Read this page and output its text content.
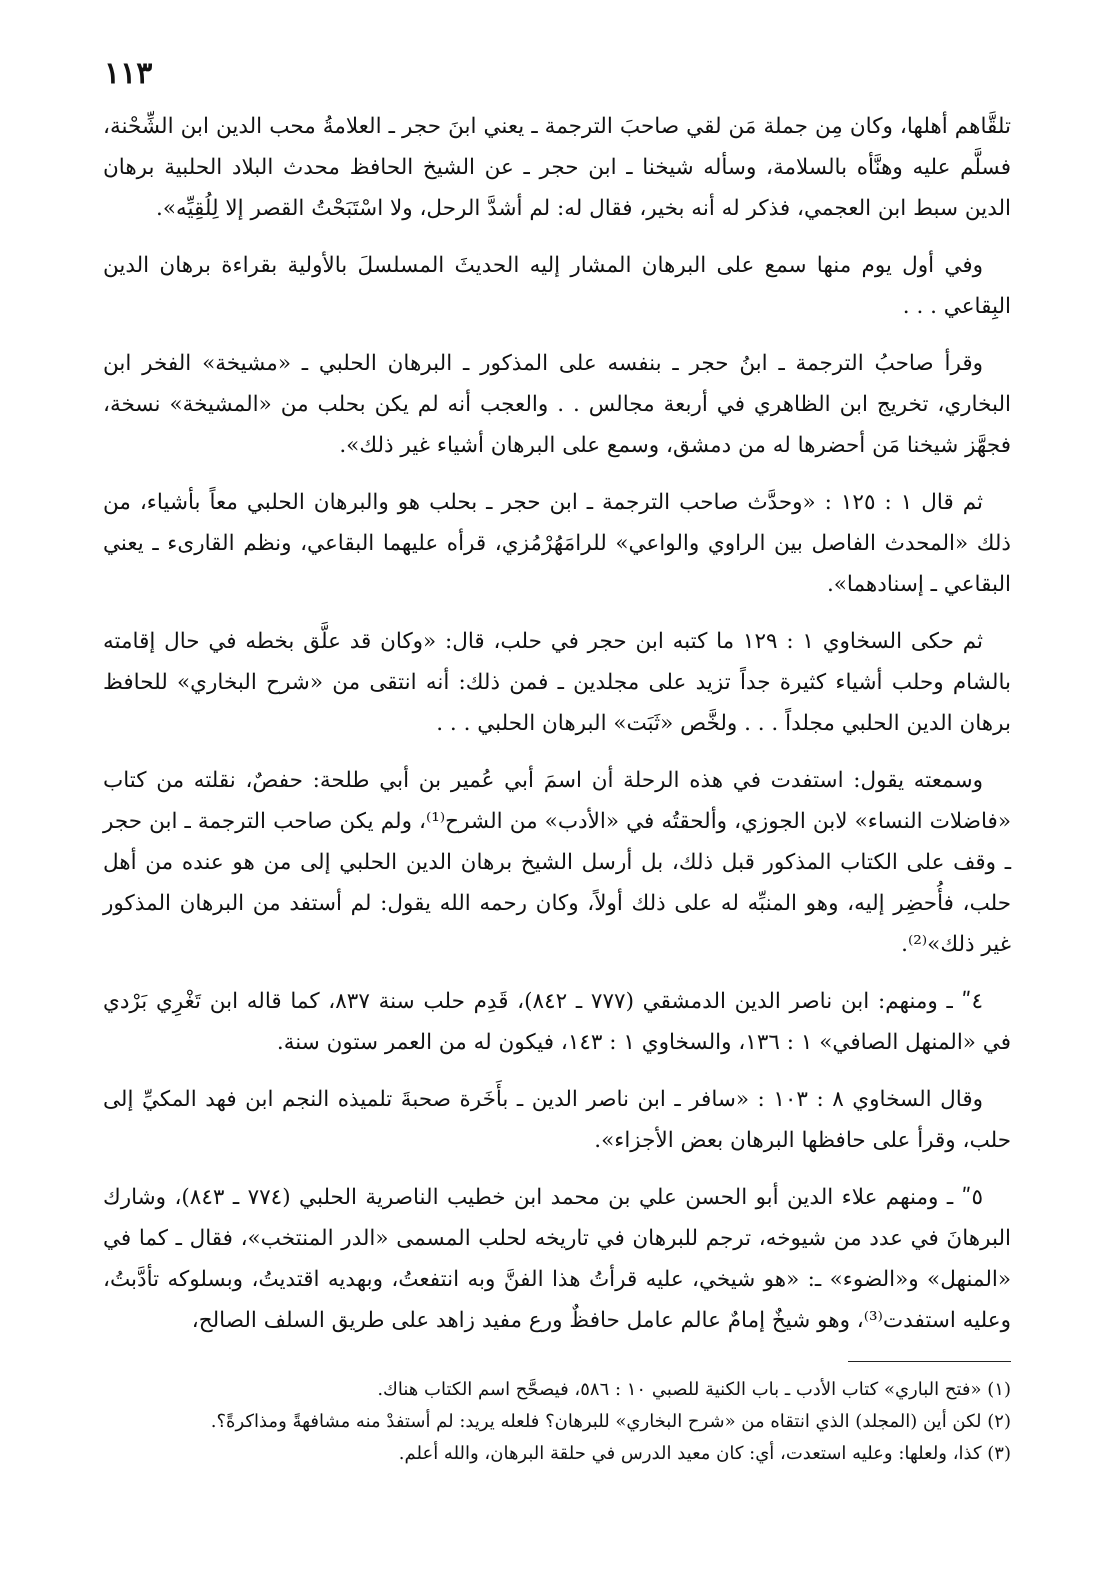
١١٣

تلقَّاهم أهلها، وكان مِن جملة مَن لقي صاحبَ الترجمة ـ يعني ابنَ حجر ـ العلامةُ محب الدين ابن الشِّحْنة، فسلَّم عليه وهنَّأه بالسلامة، وسأله شيخنا ـ ابن حجر ـ عن الشيخ الحافظ محدث البلاد الحلبية برهان الدين سبط ابن العجمي، فذكر له أنه بخير، فقال له: لم أشدَّ الرحل، ولا اسْتَبَحْتُ القصر إلا لِلُقِيِّه».

وفي أول يوم منها سمع على البرهان المشار إليه الحديثَ المسلسلَ بالأولية بقراءة برهان الدين البِقاعي . . .

وقرأ صاحبُ الترجمة ـ ابنُ حجر ـ بنفسه على المذكور ـ البرهان الحلبي ـ «مشيخة» الفخر ابن البخاري، تخريج ابن الظاهري في أربعة مجالس . . والعجب أنه لم يكن بحلب من «المشيخة» نسخة، فجهَّز شيخنا مَن أحضرها له من دمشق، وسمع على البرهان أشياء غير ذلك».

ثم قال ١ : ١٢٥ : «وحدَّث صاحب الترجمة ـ ابن حجر ـ بحلب هو والبرهان الحلبي معاً بأشياء، من ذلك «المحدث الفاصل بين الراوي والواعي» للرامَهُرْمُزي، قرأه عليهما البقاعي، ونظم القارىء ـ يعني البقاعي ـ إسنادهما».

ثم حكى السخاوي ١ : ١٢٩ ما كتبه ابن حجر في حلب، قال: «وكان قد علَّق بخطه في حال إقامته بالشام وحلب أشياء كثيرة جداً تزيد على مجلدين ـ فمن ذلك: أنه انتقى من «شرح البخاري» للحافظ برهان الدين الحلبي مجلداً . . . ولخَّص «ثَبَت» البرهان الحلبي . . .

وسمعته يقول: استفدت في هذه الرحلة أن اسمَ أبي عُمير بن أبي طلحة: حفصٌ، نقلته من كتاب «فاضلات النساء» لابن الجوزي، وألحقتُه في «الأدب» من الشرح⁽¹⁾، ولم يكن صاحب الترجمة ـ ابن حجر ـ وقف على الكتاب المذكور قبل ذلك، بل أرسل الشيخ برهان الدين الحلبي إلى من هو عنده من أهل حلب، فأُحضِر إليه، وهو المنبِّه له على ذلك أولاً، وكان رحمه الله يقول: لم أستفد من البرهان المذكور غير ذلك»⁽²⁾.

٤ʺ ـ ومنهم: ابن ناصر الدين الدمشقي (٧٧٧ ـ ٨٤٢)، قَدِم حلب سنة ٨٣٧، كما قاله ابن تَغْرِي بَرْدي في «المنهل الصافي» ١ : ١٣٦، والسخاوي ١ : ١٤٣، فيكون له من العمر ستون سنة.

وقال السخاوي ٨ : ١٠٣ : «سافر ـ ابن ناصر الدين ـ بأَخَرة صحبةَ تلميذه النجم ابن فهد المكيِّ إلى حلب، وقرأ على حافظها البرهان بعض الأجزاء».

٥ʺ ـ ومنهم علاء الدين أبو الحسن علي بن محمد ابن خطيب الناصرية الحلبي (٧٧٤ ـ ٨٤٣)، وشارك البرهانَ في عدد من شيوخه، ترجم للبرهان في تاريخه لحلب المسمى «الدر المنتخب»، فقال ـ كما في «المنهل» و«الضوء» ـ: «هو شيخي، عليه قرأتُ هذا الفنَّ وبه انتفعتُ، وبهديه اقتديتُ، وبسلوكه تأدَّبتُ، وعليه استفدت⁽³⁾، وهو شيخٌ إمامٌ عالم عامل حافظٌ ورع مفيد زاهد على طريق السلف الصالح،

(١) «فتح الباري» كتاب الأدب ـ باب الكنية للصبي ١٠ : ٥٨٦، فيصحَّح اسم الكتاب هناك.

(٢) لكن أين (المجلد) الذي انتقاه من «شرح البخاري» للبرهان؟ فلعله يريد: لم أستفدْ منه مشافهةً ومذاكرةً؟.

(٣) كذا، ولعلها: وعليه استعدت، أي: كان معيد الدرس في حلقة البرهان، والله أعلم.
